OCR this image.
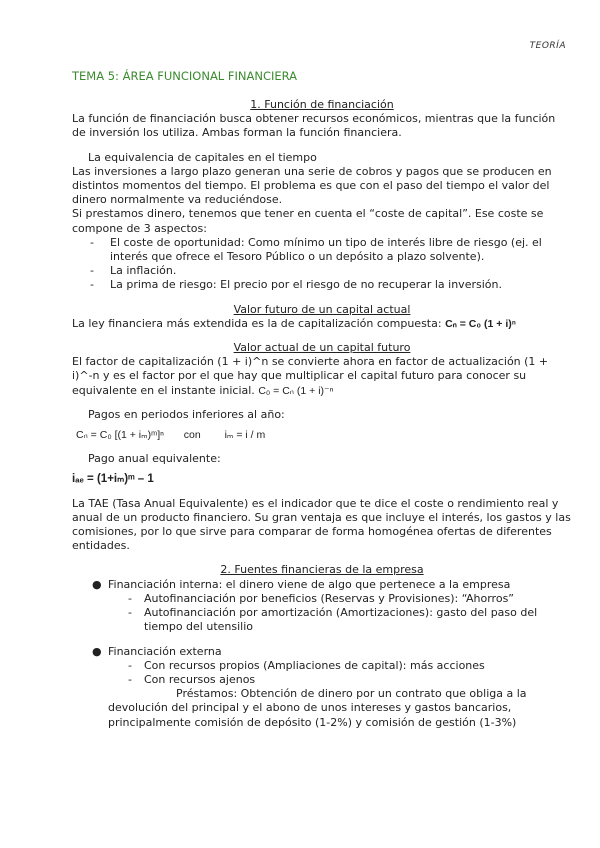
TEORÍA
TEMA 5: ÁREA FUNCIONAL FINANCIERA

1. Función de financiación

La función de financiación busca obtener recursos económicos, mientras que la función de inversión los utiliza. Ambas forman la función financiera.

La equivalencia de capitales en el tiempo

Las inversiones a largo plazo generan una serie de cobros y pagos que se producen en distintos momentos del tiempo. El problema es que con el paso del tiempo el valor del dinero normalmente va reduciéndose.

Si prestamos dinero, tenemos que tener en cuenta el “coste de capital”. Ese coste se compone de 3 aspectos:

-	El coste de oportunidad: Como mínimo un tipo de interés libre de riesgo (ej. el interés que ofrece el Tesoro Público o un depósito a plazo solvente).
-	La inflación.
-	La prima de riesgo: El precio por el riesgo de no recuperar la inversión.

Valor futuro de un capital actual

La ley financiera más extendida es la de capitalización compuesta: Cₙ = C₀ (1 + i)ⁿ

Valor actual de un capital futuro

El factor de capitalización (1 + i)^n se convierte ahora en factor de actualización (1 + i)^-n y es el factor por el que hay que multiplicar el capital futuro para conocer su equivalente en el instante inicial. C₀ = Cₙ (1 + i)⁻ⁿ

Pagos en periodos inferiores al año:

Cₙ = C₀ [(1 + iₘ)ᵐ]ⁿ con iₘ = i / m

Pago anual equivalente:

iₐₑ = (1+iₘ)ᵐ – 1

La TAE (Tasa Anual Equivalente) es el indicador que te dice el coste o rendimiento real y anual de un producto financiero. Su gran ventaja es que incluye el interés, los gastos y las comisiones, por lo que sirve para comparar de forma homogénea ofertas de diferentes entidades.

2. Fuentes financieras de la empresa

● Financiación interna: el dinero viene de algo que pertenece a la empresa
-	Autofinanciación por beneficios (Reservas y Provisiones): “Ahorros”
-	Autofinanciación por amortización (Amortizaciones): gasto del paso del tiempo del utensilio
● Financiación externa
-	Con recursos propios (Ampliaciones de capital): más acciones
-	Con recursos ajenos

Préstamos: Obtención de dinero por un contrato que obliga a la devolución del principal y el abono de unos intereses y gastos bancarios, principalmente comisión de depósito (1-2%) y comisión de gestión (1-3%)
